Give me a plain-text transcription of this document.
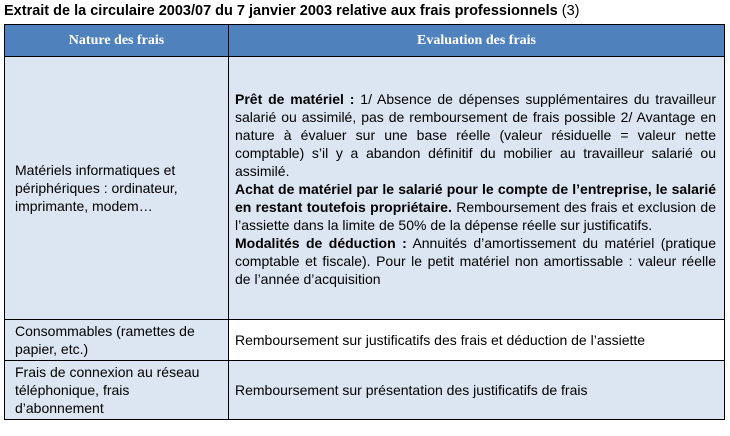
Extrait de la circulaire 2003/07 du 7 janvier 2003 relative aux frais professionnels (3)
Nature des frais	Evaluation des frais
Matériels informatiques et périphériques : ordinateur, imprimante, modem…	Prêt de matériel : 1/ Absence de dépenses supplémentaires du travailleur salarié ou assimilé, pas de remboursement de frais possible 2/ Avantage en nature à évaluer sur une base réelle (valeur résiduelle = valeur nette comptable) s’il y a abandon définitif du mobilier au travailleur salarié ou assimilé.
Achat de matériel par le salarié pour le compte de l’entreprise, le salarié en restant toutefois propriétaire. Remboursement des frais et exclusion de l’assiette dans la limite de 50% de la dépense réelle sur justificatifs.
Modalités de déduction : Annuités d’amortissement du matériel (pratique comptable et fiscale). Pour le petit matériel non amortissable : valeur réelle de l’année d’acquisition

Consommables (ramettes de papier, etc.)	Remboursement sur justificatifs des frais et déduction de l’assiette
Frais de connexion au réseau téléphonique, frais d’abonnement	Remboursement sur présentation des justificatifs de frais
